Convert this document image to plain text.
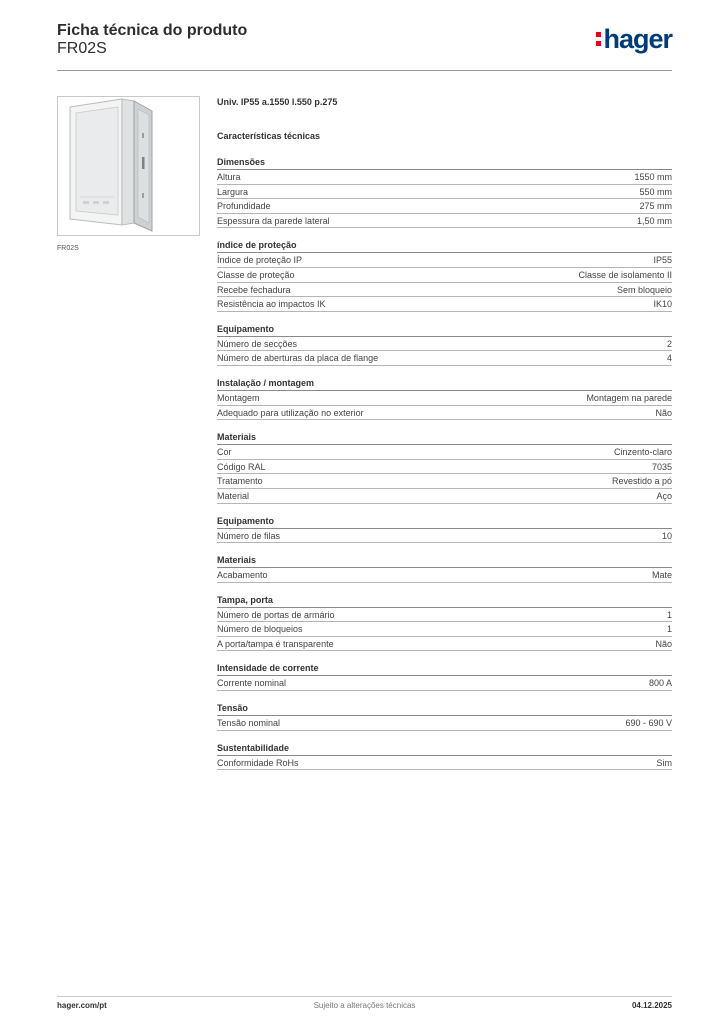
Ficha técnica do produto
FR02S	hager
FR02S
Univ. IP55 a.1550 l.550 p.275
Características técnicas
Dimensões
Altura	1550 mm
Largura	550 mm
Profundidade	275 mm
Espessura da parede lateral	1,50 mm
índice de proteção
Índice de proteção IP	IP55
Classe de proteção	Classe de isolamento II
Recebe fechadura	Sem bloqueio
Resistência ao impactos IK	IK10
Equipamento
Número de secções	2
Número de aberturas da placa de flange	4
Instalação / montagem
Montagem	Montagem na parede
Adequado para utilização no exterior	Não
Materiais
Cor	Cinzento-claro
Código RAL	7035
Tratamento	Revestido a pó
Material	Aço
Equipamento
Número de filas	10
Materiais
Acabamento	Mate
Tampa, porta
Número de portas de armário	1
Número de bloqueios	1
A porta/tampa é transparente	Não
Intensidade de corrente
Corrente nominal	800 A
Tensão
Tensão nominal	690 - 690 V
Sustentabilidade
Conformidade RoHs	Sim
hager.com/pt	Sujeito a alterações técnicas	04.12.2025
